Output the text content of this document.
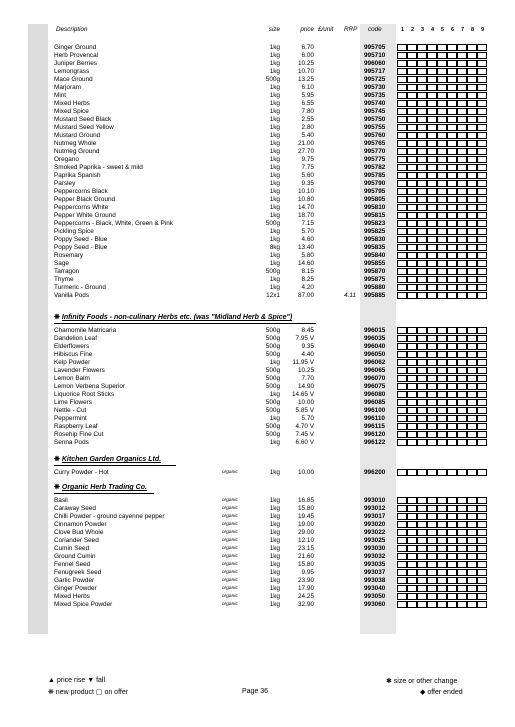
Description	size	price £/unit RRP code	1	2	3	4	5	6	7	8	9
Ginger Ground	1kg	6.70	995705
Herb Provencal	1kg	6.00	995710
Juniper Berries	1kg	10.25	996060
Lemongrass	1kg	10.70	995717
Mace Ground	500g	13.25	995725
Marjoram	1kg	6.10	995730
Mint	1kg	5.95	995735
Mixed Herbs	1kg	6.55	995740
Mixed Spice	1kg	7.80	995745
Mustard Seed Black	1kg	2.55	995750
Mustard Seed Yellow	1kg	2.80	995755
Mustard Ground	1kg	5.40	995760
Nutmeg Whole	1kg	21.00	995765
Nutmeg Ground	1kg	27.70	995770
Oregano	1kg	9.75	995775
Smoked Paprika - sweet & mild	1kg	7.75	995782
Paprika Spanish	1kg	5.60	995785
Parsley	1kg	9.35	995790
Peppercorns Black	1kg	10.10	995795
Pepper Black Ground	1kg	10.80	995805
Peppercorns White	1kg	14.70	995810
Pepper White Ground	1kg	18.70	995815
Peppercorns - Black, White, Green & Pink	500g	7.15	995823
Pickling Spice	1kg	5.70	995825
Poppy Seed - Blue	1kg	4.60	995830
Poppy Seed - Blue	8kg	13.40	995835
Rosemary	1kg	5.80	995840
Sage	1kg	14.60	995855
Tarragon	500g	8.15	995870
Thyme	1kg	8.25	995875
Turmeric - Ground	1kg	4.20	995880
Vanilla Pods	12x1	87.00	4.11 995885
❋ Infinity Foods - non-culinary Herbs etc. (was "Midland Herb & Spice")
Chamomile Matricaria	500g	8.45	996015
Dandelion Leaf	500g	7.95 V	996035
Elderflowers	500g	9.35	996040
Hibiscus Fine	500g	4.40	996050
Kelp Powder	1kg	11.95 V	996062
Lavender Flowers	500g	10.25	996065
Lemon Balm	500g	7.70	996070
Lemon Verbena Superior	500g	14.90	996075
Liquorice Root Sticks	1kg	14.65 V	996080
Lime Flowers	500g	10.00	996085
Nettle - Cut	500g	5.85 V	996100
Peppermint	1kg	5.70	996110
Raspberry Leaf	500g	4.70 V	996115
Rosehip Fine Cut	500g	7.45 V	996120
Senna Pods	1kg	6.60 V	996122
❋ Kitchen Garden Organics Ltd.
Curry Powder - Hot	organic	1kg	10.00	996200
❋ Organic Herb Trading Co.
Basil	organic	1kg	16.85	993010
Caraway Seed	organic	1kg	15.80	993012
Chilli Powder - ground cayenne pepper	organic	1kg	19.45	993017
Cinnamon Powder	organic	1kg	19.00	993020
Clove Bud Whole	organic	1kg	29.00	993022
Coriander Seed	organic	1kg	12.10	993025
Cumin Seed	organic	1kg	23.15	993030
Ground Cumin	organic	1kg	21.60	993032
Fennel Seed	organic	1kg	15.80	993035
Fenugreek Seed	organic	1kg	9.95	993037
Garlic Powder	organic	1kg	23.90	993038
Ginger Powder	organic	1kg	17.90	993040
Mixed Herbs	organic	1kg	24.25	993050
Mixed Spice Powder	organic	1kg	32.90	993060
▲ price rise ▼ fall
❋ new product ▢ on offer	Page 36
✱ size or other change
◆ offer ended
